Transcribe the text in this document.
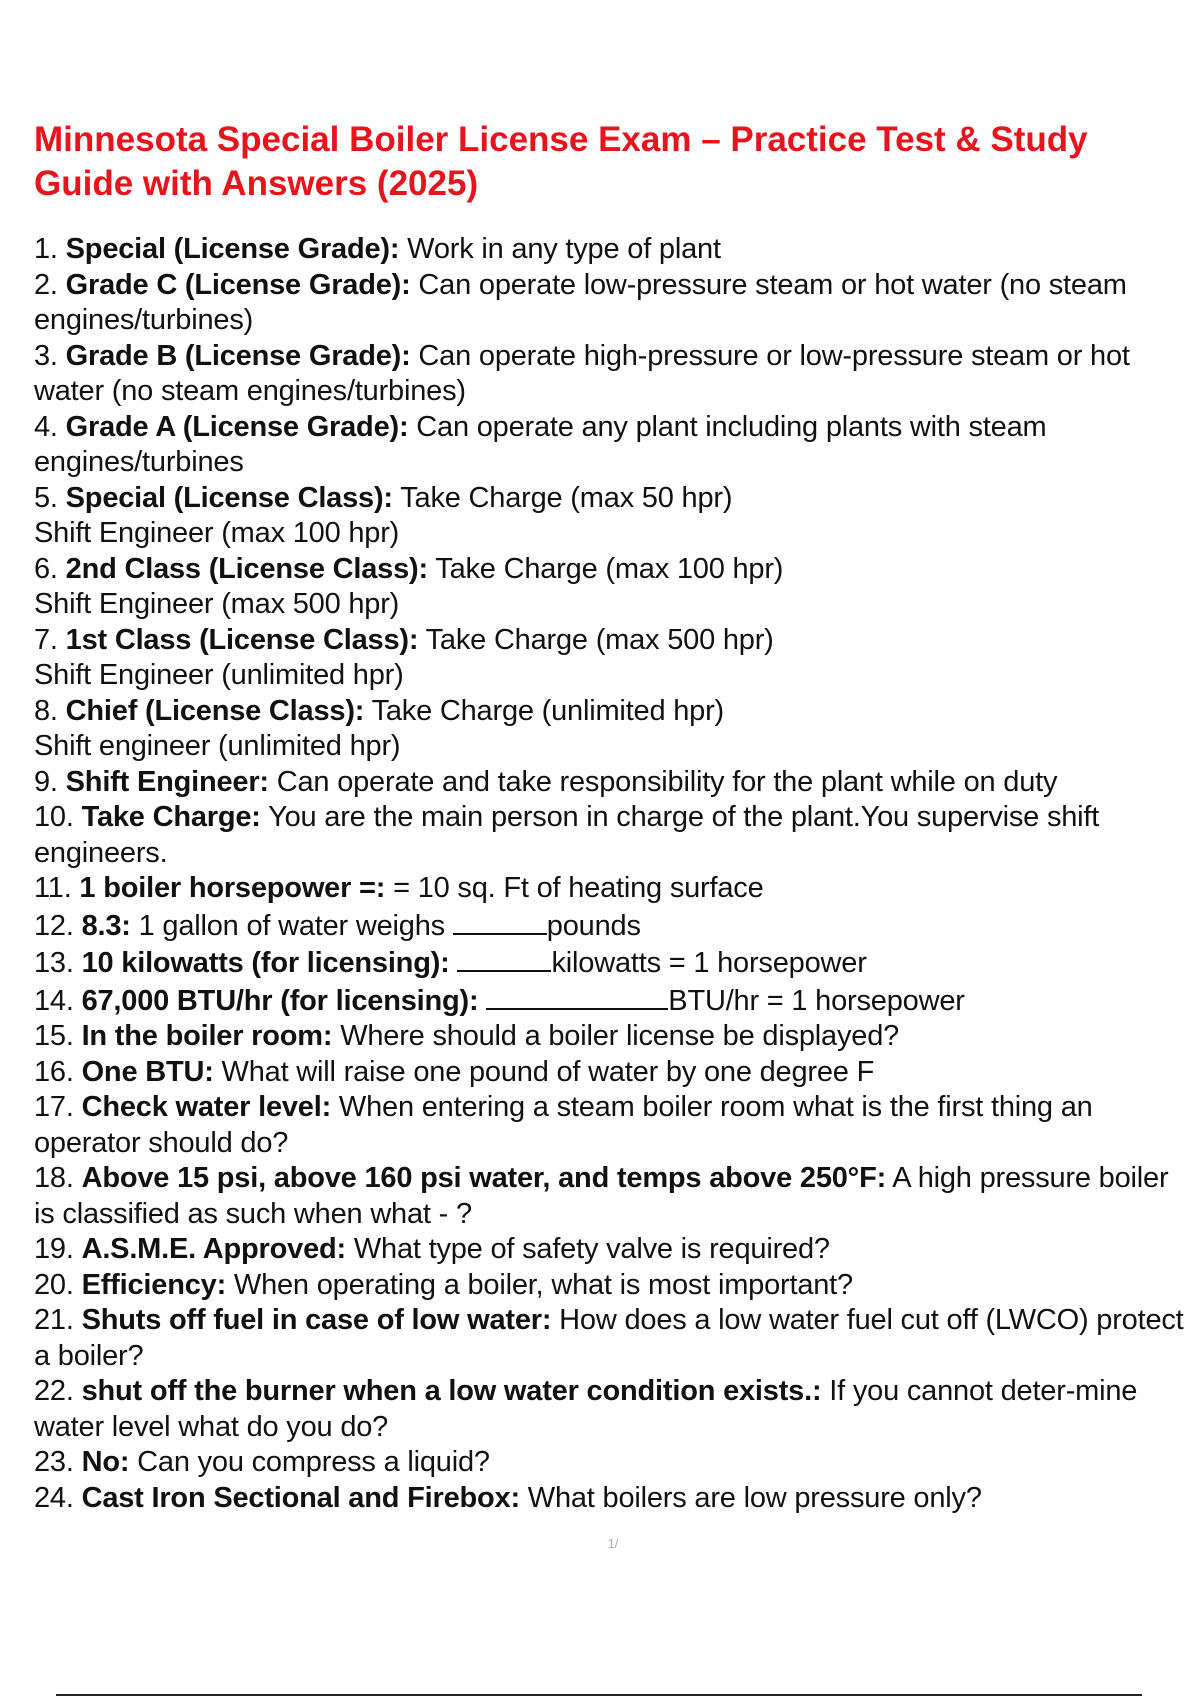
Minnesota Special Boiler License Exam – Practice Test & Study Guide with Answers (2025)
1. Special (License Grade): Work in any type of plant
2. Grade C (License Grade): Can operate low-pressure steam or hot water (no steam engines/turbines)
3. Grade B (License Grade): Can operate high-pressure or low-pressure steam or hot water (no steam engines/turbines)
4. Grade A (License Grade): Can operate any plant including plants with steam engines/turbines
5. Special (License Class): Take Charge (max 50 hpr)
Shift Engineer (max 100 hpr)
6. 2nd Class (License Class): Take Charge (max 100 hpr)
Shift Engineer (max 500 hpr)
7. 1st Class (License Class): Take Charge (max 500 hpr)
Shift Engineer (unlimited hpr)
8. Chief (License Class): Take Charge (unlimited hpr)
Shift engineer (unlimited hpr)
9. Shift Engineer: Can operate and take responsibility for the plant while on duty
10. Take Charge: You are the main person in charge of the plant.You supervise shift engineers.
11. 1 boiler horsepower =: = 10 sq. Ft of heating surface
12. 8.3: 1 gallon of water weighs	pounds
13. 10 kilowatts (for licensing):	kilowatts = 1 horsepower
14. 67,000 BTU/hr (for licensing):	BTU/hr = 1 horsepower
15. In the boiler room: Where should a boiler license be displayed?
16. One BTU: What will raise one pound of water by one degree F
17. Check water level: When entering a steam boiler room what is the first thing an operator should do?
18. Above 15 psi, above 160 psi water, and temps above 250°F: A high pressure boiler is classified as such when what - ?
19. A.S.M.E. Approved: What type of safety valve is required?
20. Efficiency: When operating a boiler, what is most important?
21. Shuts off fuel in case of low water: How does a low water fuel cut off (LWCO) protect a boiler?
22. shut off the burner when a low water condition exists.: If you cannot deter-mine water level what do you do?
23. No: Can you compress a liquid?
24. Cast Iron Sectional and Firebox: What boilers are low pressure only?
1/
